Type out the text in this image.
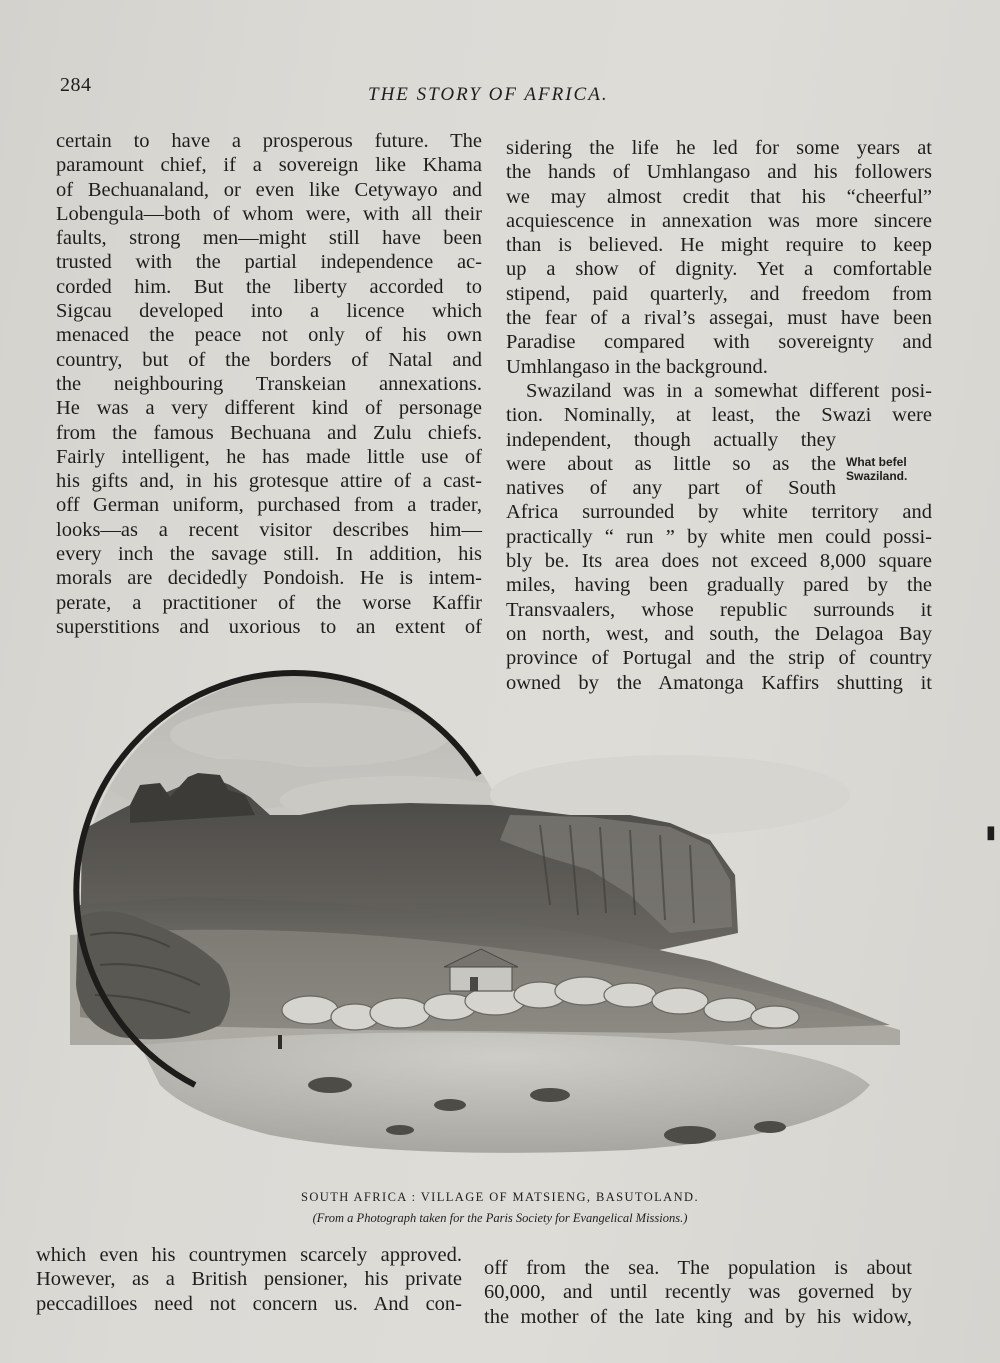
284	THE STORY OF AFRICA.

certain to have a prosperous future. The
paramount chief, if a sovereign like Khama
of Bechuanaland, or even like Cetywayo and
Lobengula—both of whom were, with all their
faults, strong men—might still have been
trusted with the partial independence ac-
corded him. But the liberty accorded to
Sigcau developed into a licence which
menaced the peace not only of his own
country, but of the borders of Natal and
the neighbouring Transkeian annexations.
He was a very different kind of personage
from the famous Bechuana and Zulu chiefs.
Fairly intelligent, he has made little use of
his gifts and, in his grotesque attire of a cast-
off German uniform, purchased from a trader,
looks—as a recent visitor describes him—
every inch the savage still. In addition, his
morals are decidedly Pondoish. He is intem-
perate, a practitioner of the worse Kaffir
superstitions and uxorious to an extent of

sidering the life he led for some years at
the hands of Umhlangaso and his followers
we may almost credit that his “cheerful”
acquiescence in annexation was more sincere
than is believed. He might require to keep
up a show of dignity. Yet a comfortable
stipend, paid quarterly, and freedom from
the fear of a rival’s assegai, must have been
Paradise compared with sovereignty and
Umhlangaso in the background.

Swaziland was in a somewhat different posi-
tion. Nominally, at least, the Swazi were
independent, though actually they were about as little so as the natives of any part of South
Africa surrounded by white territory and
practically “ run ” by white men could possi-
bly be. Its area does not exceed 8,000 square
miles, having been gradually pared by the
Transvaalers, whose republic surrounds it
on north, west, and south, the Delagoa Bay
province of Portugal and the strip of country
owned by the Amatonga Kaffirs shutting it

What befel
Swaziland.
SOUTH AFRICA : VILLAGE OF MATSIENG, BASUTOLAND.
(From a Photograph taken for the Paris Society for Evangelical Missions.)

which even his countrymen scarcely approved.
However, as a British pensioner, his private
peccadilloes need not concern us. And con-

off from the sea. The population is about
60,000, and until recently was governed by
the mother of the late king and by his widow,

▮
